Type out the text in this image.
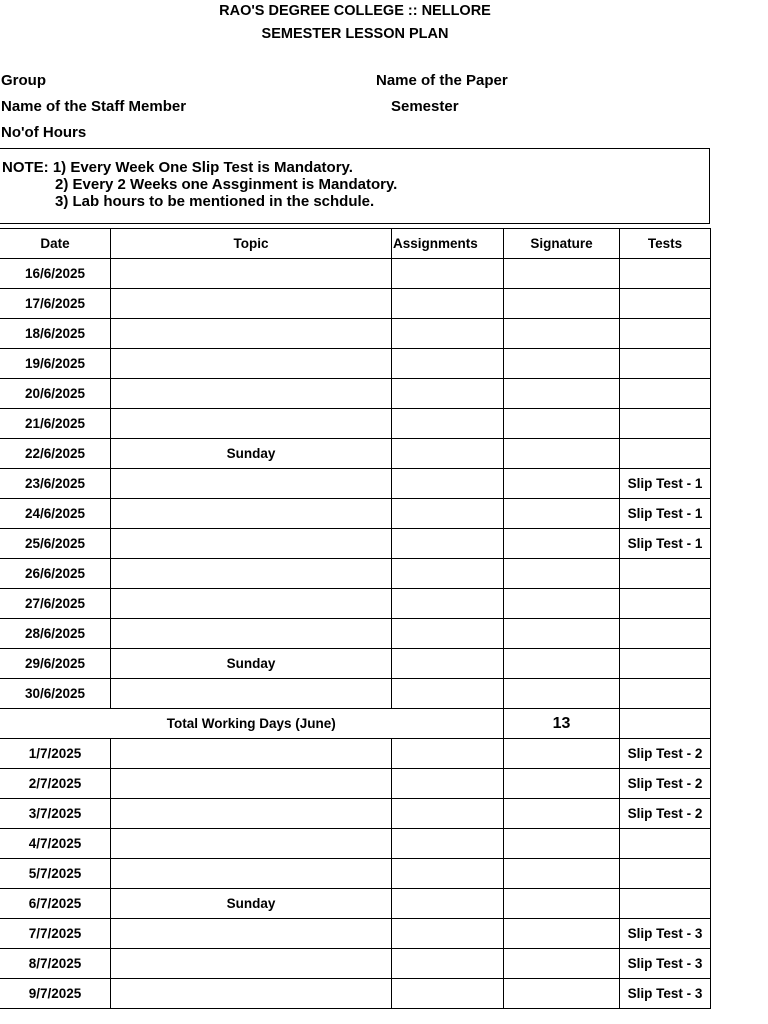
RAO'S DEGREE COLLEGE :: NELLORE
SEMESTER LESSON PLAN
Group	Name of the Paper
Name of the Staff Member	Semester
No'of Hours
NOTE: 1) Every Week One Slip Test is Mandatory.
2) Every 2 Weeks one Assginment is Mandatory.
3) Lab hours to be mentioned in the schdule.
Date	Topic	Assignments	Signature	Tests
16/6/2025				
17/6/2025				
18/6/2025				
19/6/2025				
20/6/2025				
21/6/2025				
22/6/2025	Sunday			
23/6/2025				Slip Test - 1
24/6/2025				Slip Test - 1
25/6/2025				Slip Test - 1
26/6/2025				
27/6/2025				
28/6/2025				
29/6/2025	Sunday			
30/6/2025				
Total Working Days (June)			13	
1/7/2025				Slip Test - 2
2/7/2025				Slip Test - 2
3/7/2025				Slip Test - 2
4/7/2025				
5/7/2025				
6/7/2025	Sunday			
7/7/2025				Slip Test - 3
8/7/2025				Slip Test - 3
9/7/2025				Slip Test - 3
